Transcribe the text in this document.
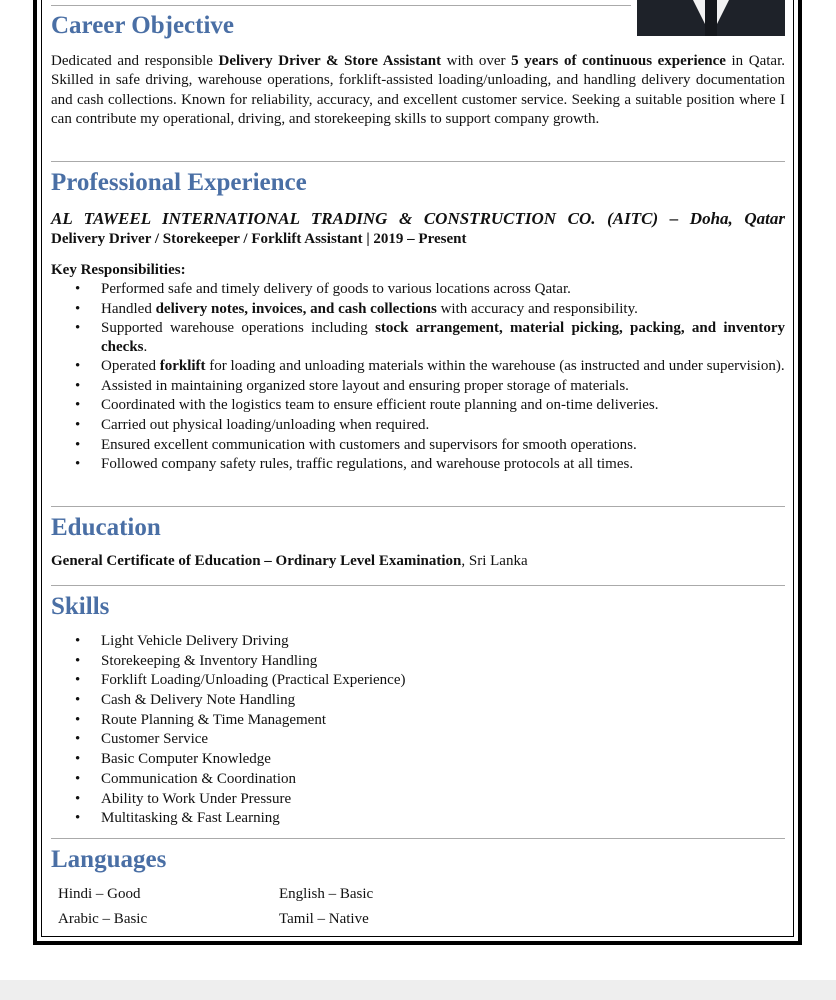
Career Objective

Dedicated and responsible Delivery Driver & Store Assistant with over 5 years of continuous experience in Qatar. Skilled in safe driving, warehouse operations, forklift-assisted loading/unloading, and handling delivery documentation and cash collections. Known for reliability, accuracy, and excellent customer service. Seeking a suitable position where I can contribute my operational, driving, and storekeeping skills to support company growth.

Professional Experience

AL TAWEEL INTERNATIONAL TRADING & CONSTRUCTION CO. (AITC) – Doha, Qatar

Delivery Driver / Storekeeper / Forklift Assistant | 2019 – Present

Key Responsibilities:

• Performed safe and timely delivery of goods to various locations across Qatar.
• Handled delivery notes, invoices, and cash collections with accuracy and responsibility.
• Supported warehouse operations including stock arrangement, material picking, packing, and inventory checks.
• Operated forklift for loading and unloading materials within the warehouse (as instructed and under supervision).
• Assisted in maintaining organized store layout and ensuring proper storage of materials.
• Coordinated with the logistics team to ensure efficient route planning and on-time deliveries.
• Carried out physical loading/unloading when required.
• Ensured excellent communication with customers and supervisors for smooth operations.
• Followed company safety rules, traffic regulations, and warehouse protocols at all times.
Education

General Certificate of Education – Ordinary Level Examination, Sri Lanka

Skills
• Light Vehicle Delivery Driving
• Storekeeping & Inventory Handling
• Forklift Loading/Unloading (Practical Experience)
• Cash & Delivery Note Handling
• Route Planning & Time Management
• Customer Service
• Basic Computer Knowledge
• Communication & Coordination
• Ability to Work Under Pressure
• Multitasking & Fast Learning
Languages

Hindi – Good	English – Basic

Arabic – Basic	Tamil – Native
